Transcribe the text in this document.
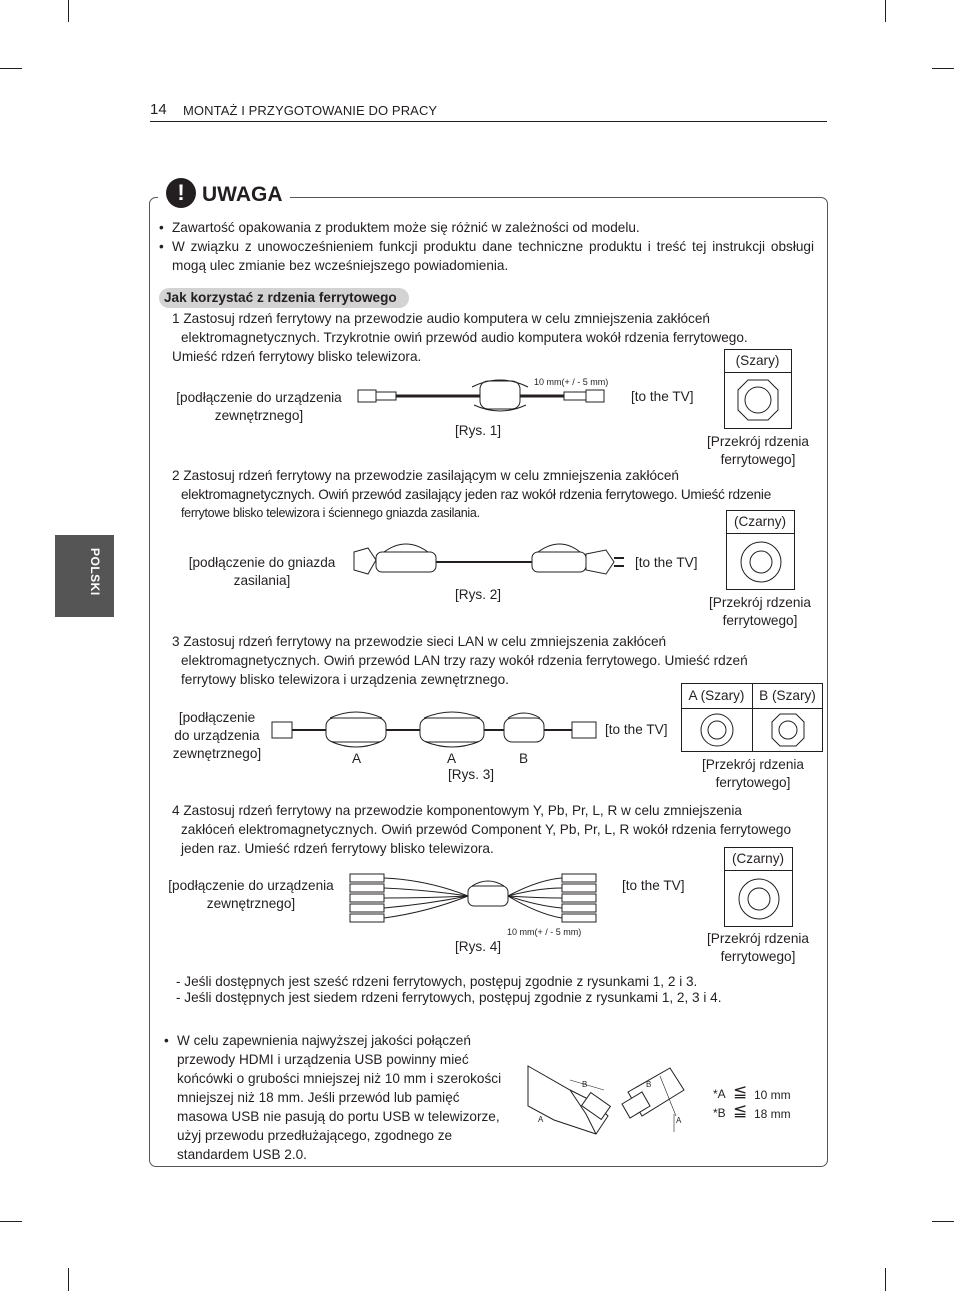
14 MONTAŻ I PRZYGOTOWANIE DO PRACY
POLSKI
! UWAGA
• Zawartość opakowania z produktem może się różnić w zależności od modelu.
• W związku z unowocześnieniem funkcji produktu dane techniczne produktu i treść tej instrukcji obsługi mogą ulec zmianie bez wcześniejszego powiadomienia.
Jak korzystać z rdzenia ferrytowego
1 Zastosuj rdzeń ferrytowy na przewodzie audio komputera w celu zmniejszenia zakłóceń
elektromagnetycznych. Trzykrotnie owiń przewód audio komputera wokół rdzenia ferrytowego.
Umieść rdzeń ferrytowy blisko telewizora.
[podłączenie do urządzenia zewnętrznego]
10 mm(+ / - 5 mm)
[Rys. 1]
[to the TV]
(Szary)
[Przekrój rdzenia ferrytowego]
2 Zastosuj rdzeń ferrytowy na przewodzie zasilającym w celu zmniejszenia zakłóceń
elektromagnetycznych. Owiń przewód zasilający jeden raz wokół rdzenia ferrytowego. Umieść rdzenie
ferrytowe blisko telewizora i ściennego gniazda zasilania.
[podłączenie do gniazda zasilania]
[Rys. 2]
[to the TV]
(Czarny)
[Przekrój rdzenia ferrytowego]
3 Zastosuj rdzeń ferrytowy na przewodzie sieci LAN w celu zmniejszenia zakłóceń
elektromagnetycznych. Owiń przewód LAN trzy razy wokół rdzenia ferrytowego. Umieść rdzeń
ferrytowy blisko telewizora i urządzenia zewnętrznego.
[podłączenie do urządzenia zewnętrznego]	A	A	B
[Rys. 3]
[to the TV]
A (Szary)	B (Szary)
[Przekrój rdzenia ferrytowego]
4 Zastosuj rdzeń ferrytowy na przewodzie komponentowym Y, Pb, Pr, L, R w celu zmniejszenia
zakłóceń elektromagnetycznych. Owiń przewód Component Y, Pb, Pr, L, R wokół rdzenia ferrytowego
jeden raz. Umieść rdzeń ferrytowy blisko telewizora.
[podłączenie do urządzenia zewnętrznego]
10 mm(+ / - 5 mm)
[Rys. 4]
[to the TV]
(Czarny)
[Przekrój rdzenia ferrytowego]
- Jeśli dostępnych jest sześć rdzeni ferrytowych, postępuj zgodnie z rysunkami 1, 2 i 3.
- Jeśli dostępnych jest siedem rdzeni ferrytowych, postępuj zgodnie z rysunkami 1, 2, 3 i 4.
• W celu zapewnienia najwyższej jakości połączeń
przewody HDMI i urządzenia USB powinny mieć
końcówki o grubości mniejszej niż 10 mm i szerokości
mniejszej niż 18 mm. Jeśli przewód lub pamięć
masowa USB nie pasują do portu USB w telewizorze,
użyj przewodu przedłużającego, zgodnego ze
standardem USB 2.0.
A
B	B
A
*A ≦ 10 mm
*B ≦ 18 mm
